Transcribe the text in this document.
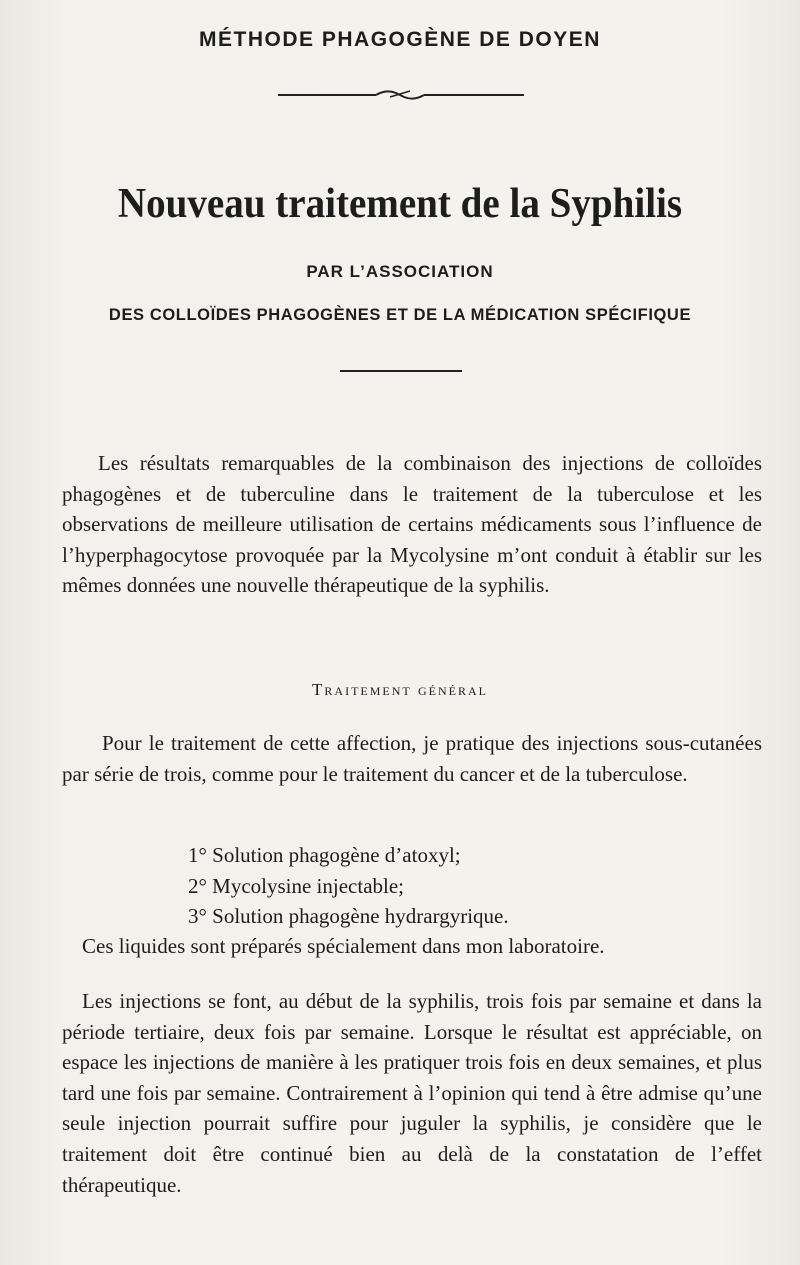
MÉTHODE PHAGOGÈNE DE DOYEN
Nouveau traitement de la Syphilis
PAR L’ASSOCIATION
DES COLLOÏDES PHAGOGÈNES ET DE LA MÉDICATION SPÉCIFIQUE

Les résultats remarquables de la combinaison des injections de colloïdes phagogènes et de tuberculine dans le traitement de la tuberculose et les observations de meilleure utilisation de certains médicaments sous l’influence de l’hyperphagocytose provoquée par la Mycolysine m’ont conduit à établir sur les mêmes données une nouvelle thérapeutique de la syphilis.

Traitement général

Pour le traitement de cette affection, je pratique des injections sous-cutanées par série de trois, comme pour le traitement du cancer et de la tuberculose.

1° Solution phagogène d’atoxyl;
2° Mycolysine injectable;
3° Solution phagogène hydrargyrique.

Ces liquides sont préparés spécialement dans mon laboratoire.

Les injections se font, au début de la syphilis, trois fois par semaine et dans la période tertiaire, deux fois par semaine. Lorsque le résultat est appréciable, on espace les injections de manière à les pratiquer trois fois en deux semaines, et plus tard une fois par semaine. Contrairement à l’opinion qui tend à être admise qu’une seule injection pourrait suffire pour juguler la syphilis, je considère que le traitement doit être continué bien au delà de la constatation de l’effet thérapeutique.
